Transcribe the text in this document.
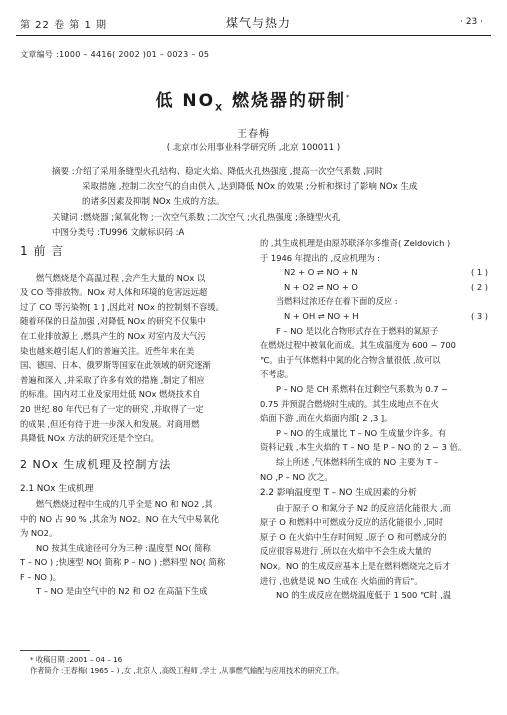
第 22 卷 第 1 期	煤气与热力	· 23 ·
文章编号 :1000 – 4416( 2002 )01 – 0023 – 05
低 $NO_X$ 燃烧器的研制*
王春梅
( 北京市公用事业科学研究所 ,北京 100011 )

摘要 :介绍了采用条缝型火孔结构、稳定火焰、降低火孔热强度 ,提高一次空气系数 ,同时

采取措施 ,控制二次空气的自由供入 ,达到降低 NOx 的效果 ;分析和探讨了影响 NOx 生成

的诸多因素及抑制 NOx 生成的方法。

关键词 :燃烧器 ;氮氧化物 ;一次空气系数 ;二次空气 ;火孔热强度 ;条缝型火孔

中图分类号 :TU996 文献标识码 :A

1 前 言

燃气燃烧是个高温过程 ,会产生大量的 NOx 以

及 CO 等排放物。NOx 对人体和环境的危害远远超

过了 CO 等污染物[ 1 ] ,因此对 NOx 的控制刻不容缓。

随着环保的日益加强 ,对降低 NOx 的研究不仅集中

在工业排放源上 ,燃具产生的 NOx 对室内及大气污

染也越来越引起人们的普遍关注。近些年来在美

国、德国、日本、俄罗斯等国家在此领域的研究逐渐

普遍和深入 ,并采取了许多有效的措施 ,制定了相应

的标准。国内对工业及家用灶低 NOx 燃烧技术自

20 世纪 80 年代已有了一定的研究 ,并取得了一定

的成果 ,但还有待于进一步深入和发展。对商用燃

具降低 NOx 方法的研究还是个空白。

2 NOx 生成机理及控制方法

2.1 NOx 生成机理

燃气燃烧过程中生成的几乎全是 NO 和 NO2 ,其

中的 NO 占 90 % ,其余为 NO2。NO 在大气中易氧化

为 NO2。

NO 按其生成途径可分为三种 :温度型 NO( 简称

T – NO ) ;快速型 NO( 简称 P – NO ) ;燃料型 NO( 简称

F – NO )。

T – NO 是由空气中的 N2 和 O2 在高温下生成

的 ,其生成机理是由原苏联泽尔多维奇( Zeldovich )

于 1946 年提出的 ,反应机理为 :

N2 + O ⇌ NO + N	( 1 )
N + O2 ⇌ NO + O	( 2 )

当燃料过浓还存在着下面的反应 :

N + OH ⇌ NO + H	( 3 )

F – NO 是以化合物形式存在于燃料的氮原子

在燃烧过程中被氧化而成。其生成温度为 600 ~ 700

℃。由于气体燃料中氮的化合物含量很低 ,故可以

不考虑。

P – NO 是 CH 系燃料在过剩空气系数为 0.7 ~

0.75 并预混合燃烧时生成的。其生成地点不在火

焰面下游 ,而在火焰面内部[ 2 ,3 ]。

P – NO 的生成量比 T – NO 生成量少许多。有

资料记载 ,本生火焰的 T – NO 是 P – NO 的 2 ~ 3 倍。

综上所述 ,气体燃料所生成的 NO 主要为 T –

NO ,P – NO 次之。

2.2 影响温度型 T – NO 生成因素的分析

由于原子 O 和氮分子 N2 的反应活化能很大 ,而

原子 O 和燃料中可燃成分反应的活化能很小 ,同时

原子 O 在火焰中生存时间短 ,原子 O 和可燃成分的

反应很容易进行 ,所以在火焰中不会生成大量的

NOx。NO 的生成反应基本上是在燃料燃烧完之后才

进行 ,也就是说 NO 生成在 火焰面的背后"。

NO 的生成反应在燃烧温度低于 1 500 ℃时 ,温

* 收稿日期 :2001 – 04 – 16

作者简介 :王春梅( 1965 – ) ,女 ,北京人 ,高级工程师 ,学士 ,从事燃气输配与应用技术的研究工作。
